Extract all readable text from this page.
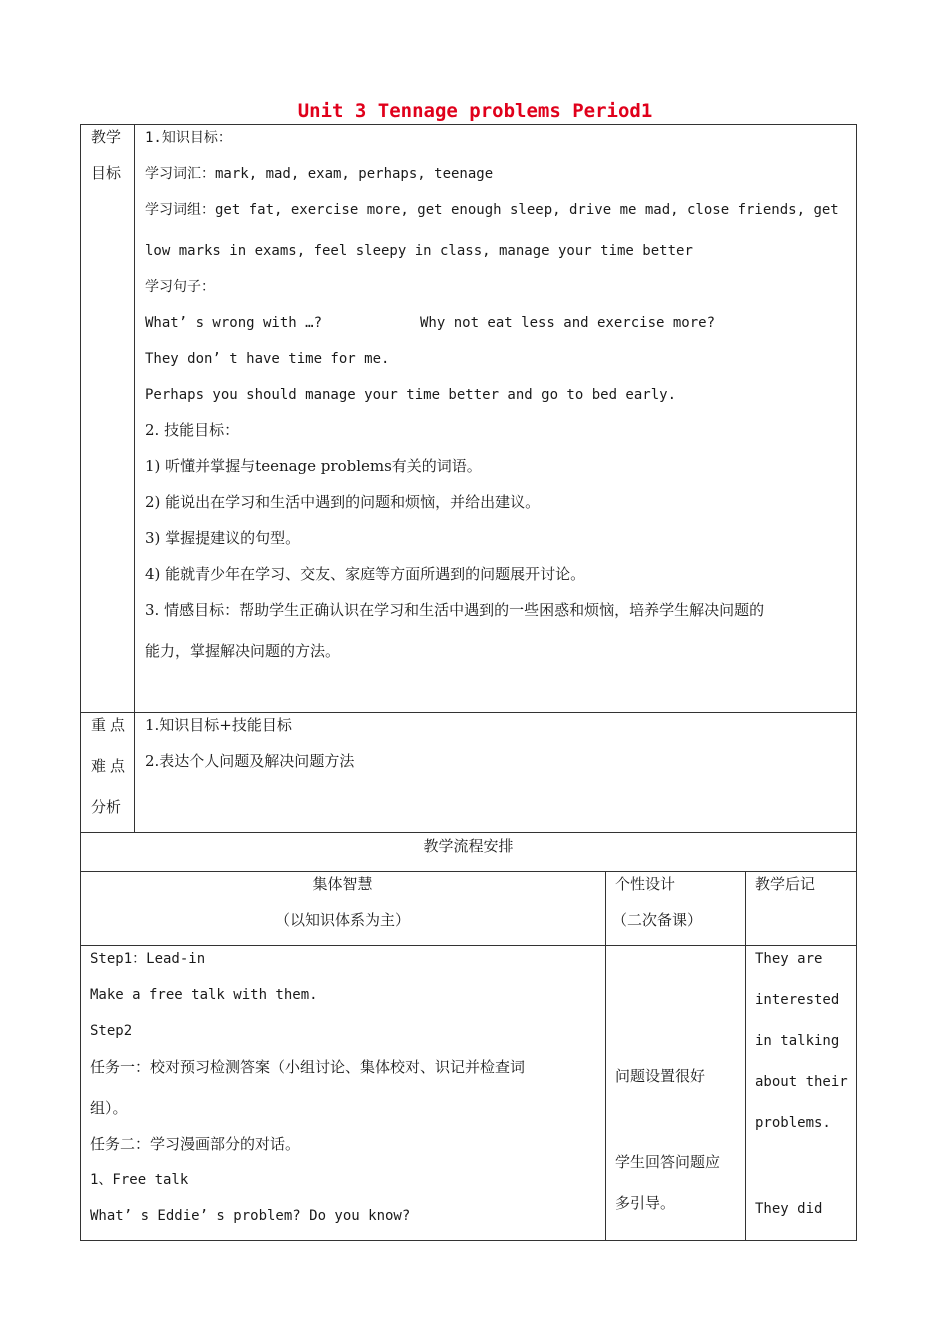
Unit 3 Tennage problems Period1
教学
目标
1.知识目标：
学习词汇：mark, mad, exam, perhaps, teenage
学习词组：get fat, exercise more, get enough sleep, drive me mad, close friends, get
low marks in exams, feel sleepy in class, manage your time better
学习句子：
What’ s wrong with …?	Why not eat less and exercise more?
They don’ t have time for me.
Perhaps you should manage your time better and go to bed early.
2. 技能目标：
1) 听懂并掌握与teenage problems有关的词语。
2) 能说出在学习和生活中遇到的问题和烦恼，并给出建议。
3) 掌握提建议的句型。
4) 能就青少年在学习、交友、家庭等方面所遇到的问题展开讨论。
3. 情感目标：帮助学生正确认识在学习和生活中遇到的一些困惑和烦恼，培养学生解决问题的
能力，掌握解决问题的方法。
重点
难点
分析
1.知识目标+技能目标
2.表达个人问题及解决问题方法
教学流程安排
集体智慧
（以知识体系为主）
个性设计
（二次备课）
教学后记
Step1：Lead-in
Make a free talk with them.
Step2
任务一：校对预习检测答案（小组讨论、集体校对、识记并检查词
组）。
任务二：学习漫画部分的对话。
1、Free talk
What’ s Eddie’ s problem? Do you know?
问题设置很好
学生回答问题应
多引导。
They are
interested
in talking
about their
problems.
They did
